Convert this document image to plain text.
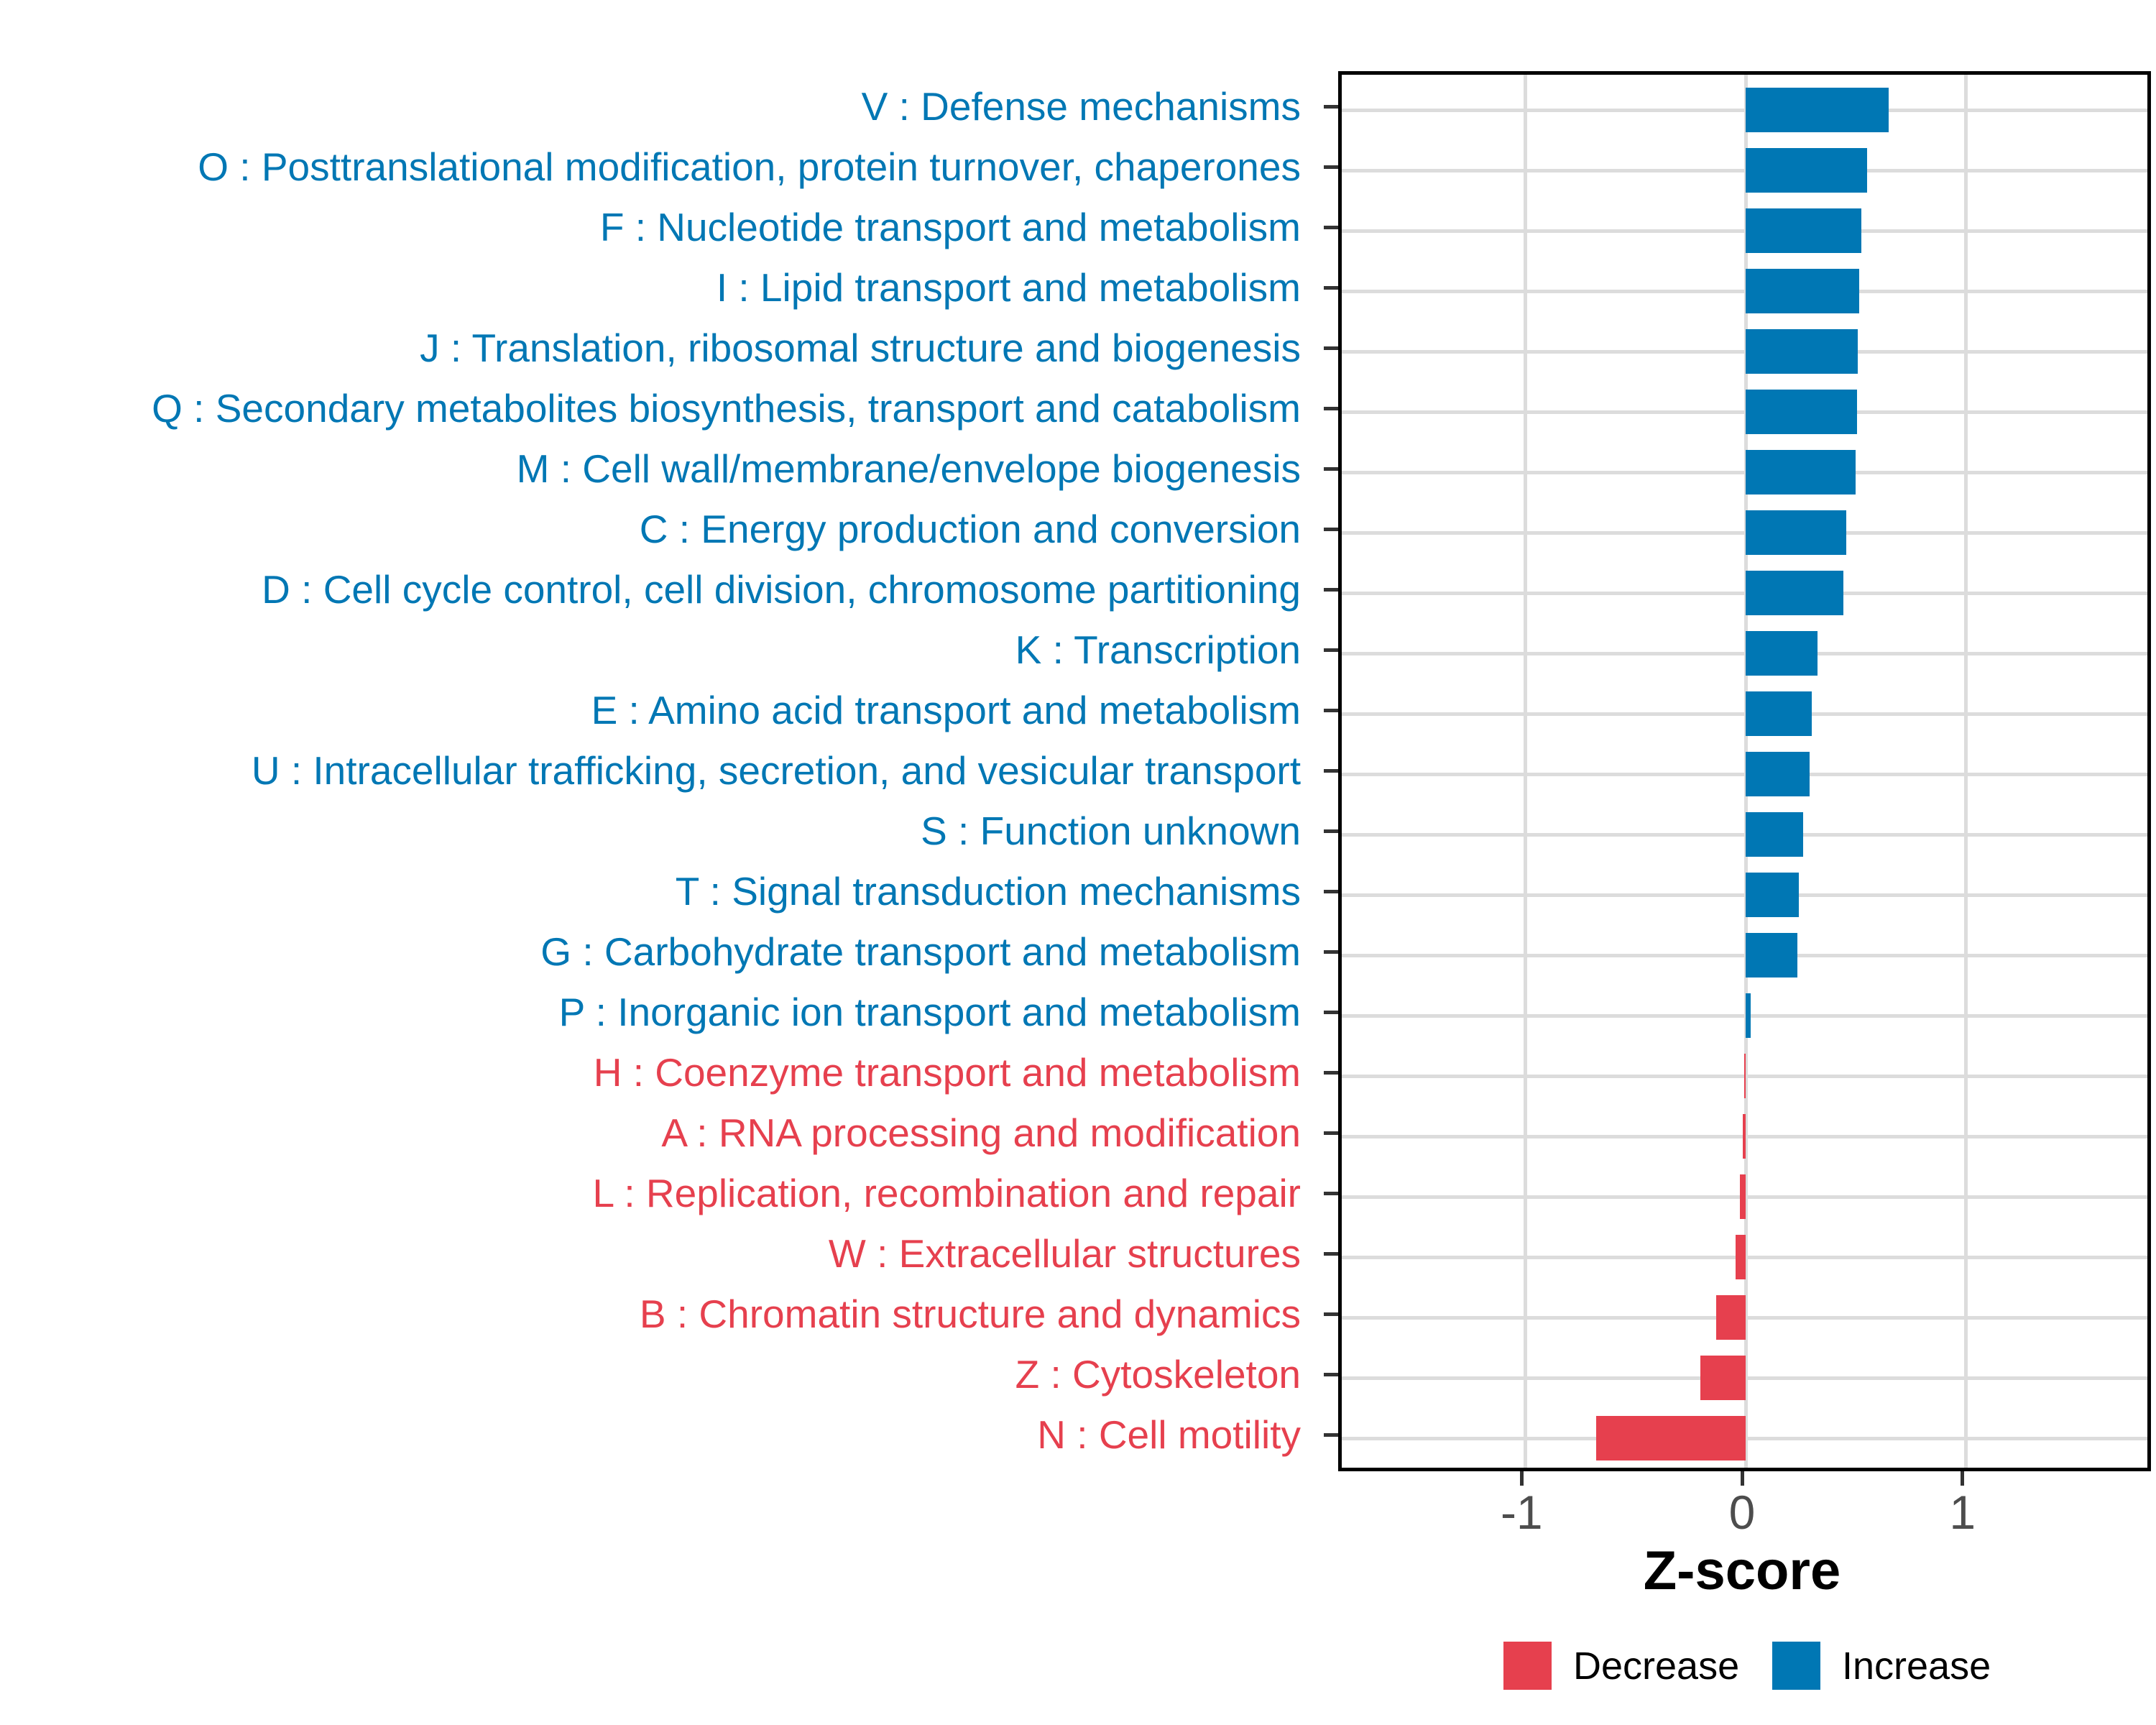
Z-score
Decrease	Increase
-1	0	1
V : Defense mechanisms
O : Posttranslational modification, protein turnover, chaperones
F : Nucleotide transport and metabolism
I : Lipid transport and metabolism
J : Translation, ribosomal structure and biogenesis
Q : Secondary metabolites biosynthesis, transport and catabolism
M : Cell wall/membrane/envelope biogenesis
C : Energy production and conversion
D : Cell cycle control, cell division, chromosome partitioning
K : Transcription
E : Amino acid transport and metabolism
U : Intracellular trafficking, secretion, and vesicular transport
S : Function unknown
T : Signal transduction mechanisms
G : Carbohydrate transport and metabolism
P : Inorganic ion transport and metabolism
H : Coenzyme transport and metabolism
A : RNA processing and modification
L : Replication, recombination and repair
W : Extracellular structures
B : Chromatin structure and dynamics
Z : Cytoskeleton
N : Cell motility
